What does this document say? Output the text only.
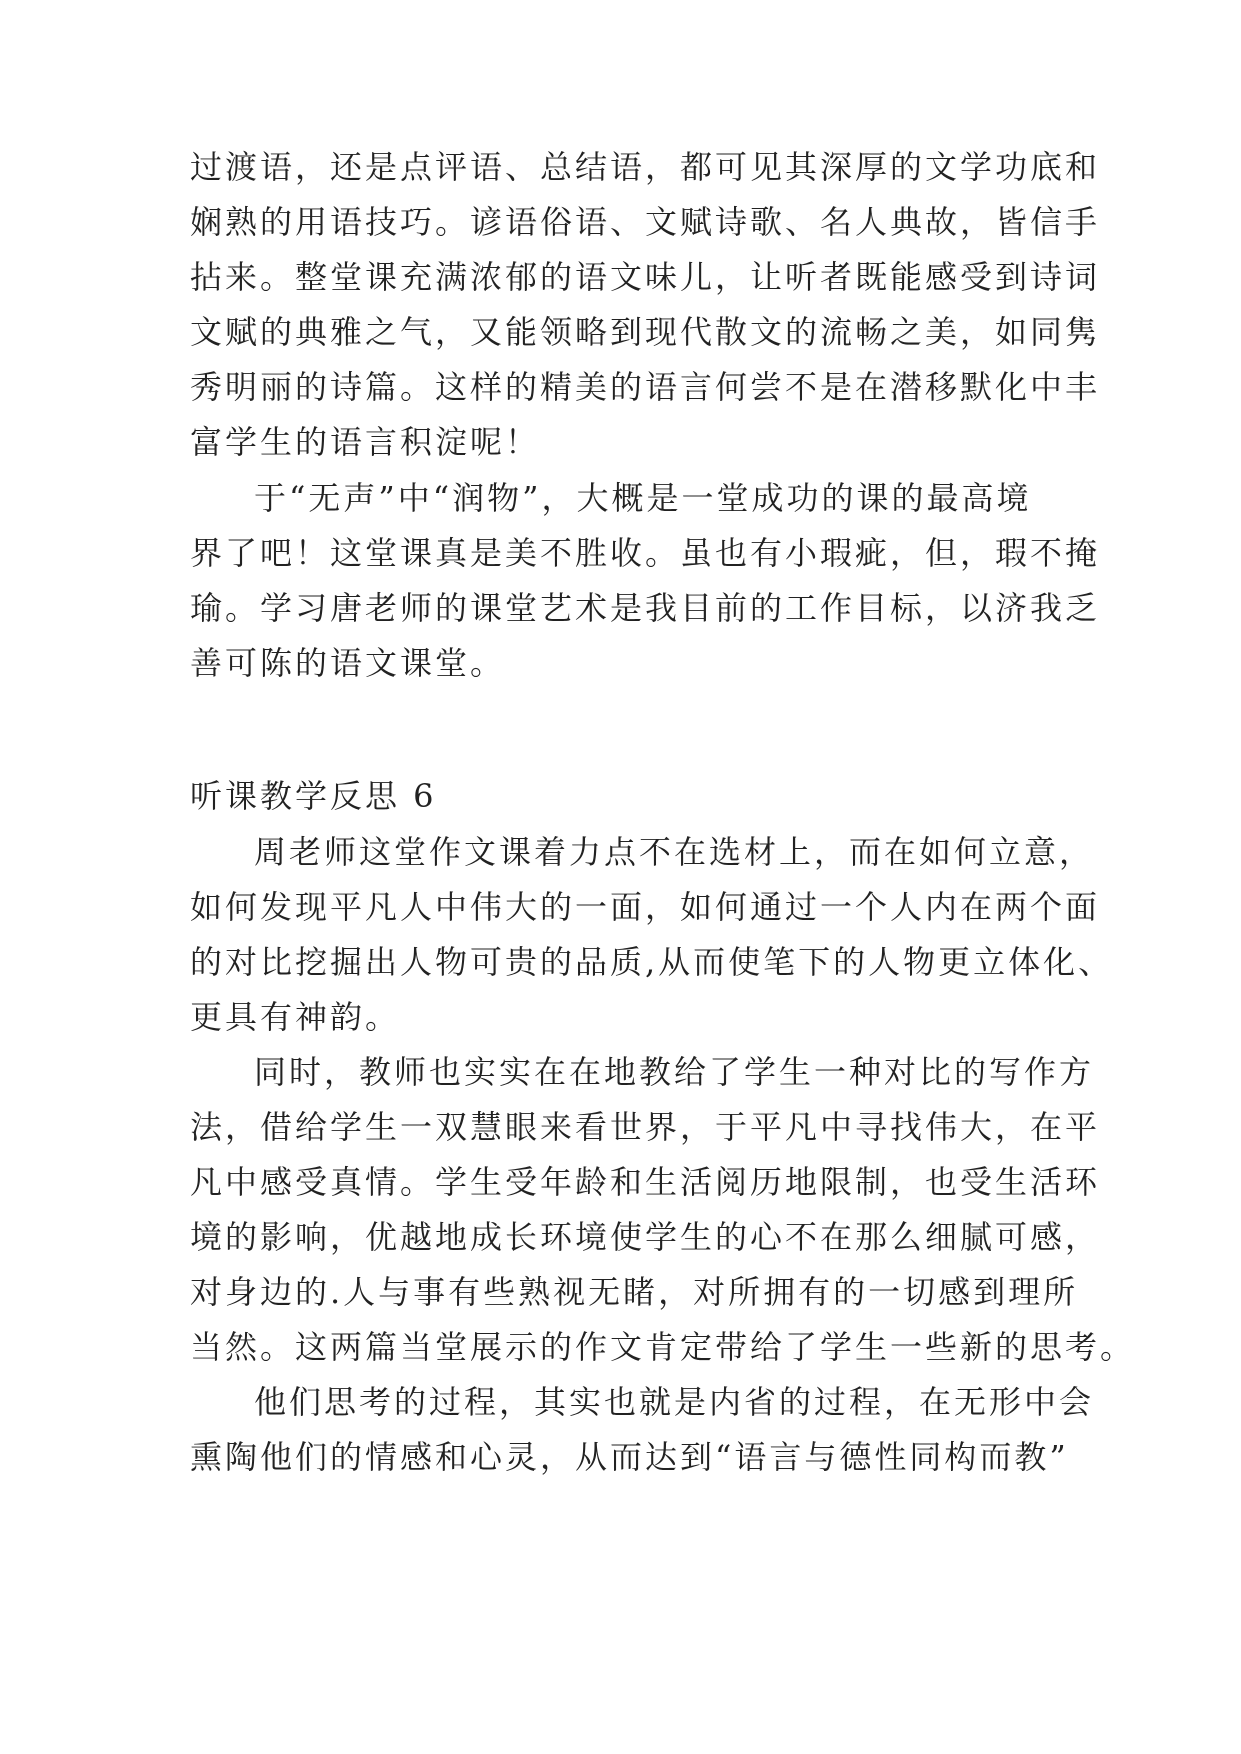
过渡语，还是点评语、总结语，都可见其深厚的文学功底和
娴熟的用语技巧。谚语俗语、文赋诗歌、名人典故，皆信手
拈来。整堂课充满浓郁的语文味儿，让听者既能感受到诗词
文赋的典雅之气，又能领略到现代散文的流畅之美，如同隽
秀明丽的诗篇。这样的精美的语言何尝不是在潜移默化中丰
富学生的语言积淀呢！
于“无声”中“润物”，大概是一堂成功的课的最高境
界了吧！这堂课真是美不胜收。虽也有小瑕疵，但，瑕不掩
瑜。学习唐老师的课堂艺术是我目前的工作目标，以济我乏
善可陈的语文课堂。
听课教学反思 6
周老师这堂作文课着力点不在选材上，而在如何立意，
如何发现平凡人中伟大的一面，如何通过一个人内在两个面
的对比挖掘出人物可贵的品质,从而使笔下的人物更立体化、
更具有神韵。
同时，教师也实实在在地教给了学生一种对比的写作方
法，借给学生一双慧眼来看世界，于平凡中寻找伟大，在平
凡中感受真情。学生受年龄和生活阅历地限制，也受生活环
境的影响，优越地成长环境使学生的心不在那么细腻可感，
对身边的.人与事有些熟视无睹，对所拥有的一切感到理所
当然。这两篇当堂展示的作文肯定带给了学生一些新的思考。
他们思考的过程，其实也就是内省的过程，在无形中会
熏陶他们的情感和心灵，从而达到“语言与德性同构而教”
